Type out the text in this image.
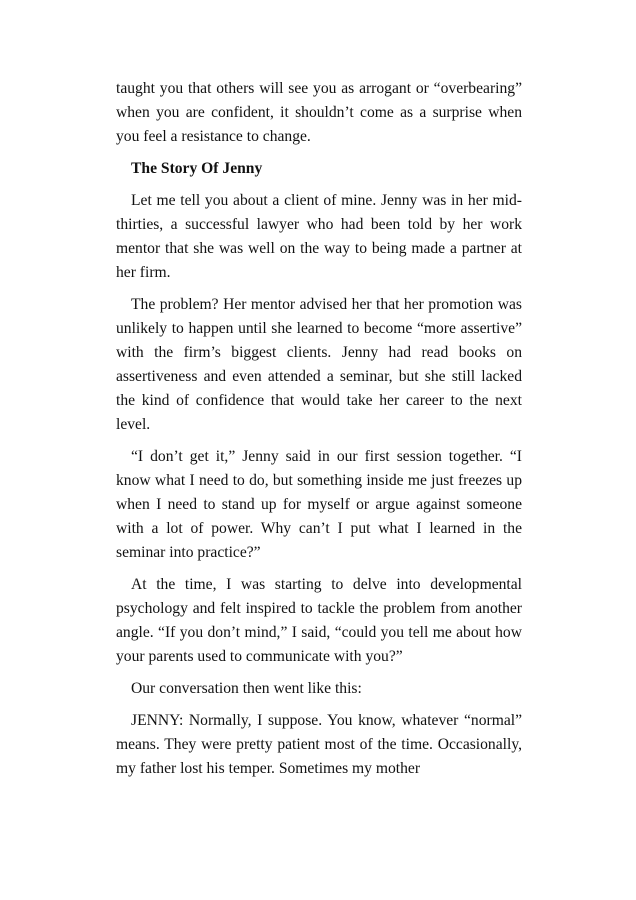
taught you that others will see you as arrogant or “overbearing” when you are confident, it shouldn’t come as a surprise when you feel a resistance to change.

The Story Of Jenny

Let me tell you about a client of mine. Jenny was in her mid-thirties, a successful lawyer who had been told by her work mentor that she was well on the way to being made a partner at her firm.

The problem? Her mentor advised her that her promotion was unlikely to happen until she learned to become “more assertive” with the firm’s biggest clients. Jenny had read books on assertiveness and even attended a seminar, but she still lacked the kind of confidence that would take her career to the next level.

“I don’t get it,” Jenny said in our first session together. “I know what I need to do, but something inside me just freezes up when I need to stand up for myself or argue against someone with a lot of power. Why can’t I put what I learned in the seminar into practice?”

At the time, I was starting to delve into developmental psychology and felt inspired to tackle the problem from another angle. “If you don’t mind,” I said, “could you tell me about how your parents used to communicate with you?”

Our conversation then went like this:

JENNY: Normally, I suppose. You know, whatever “normal” means. They were pretty patient most of the time. Occasionally, my father lost his temper. Sometimes my mother
